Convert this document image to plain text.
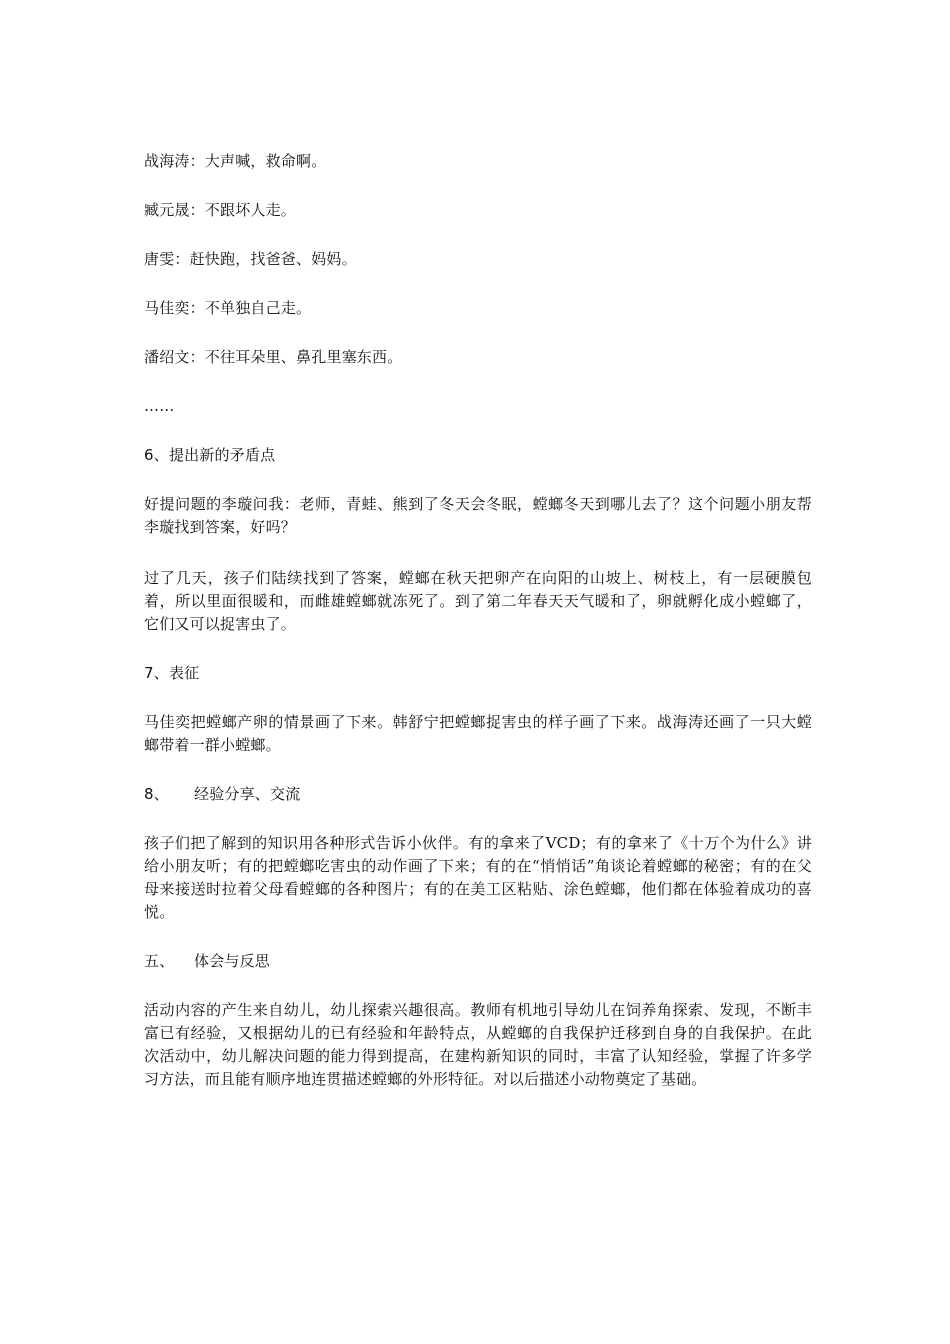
战海涛：大声喊，救命啊。

臧元晟：不跟坏人走。

唐雯：赶快跑，找爸爸、妈妈。

马佳奕：不单独自己走。

潘绍文：不往耳朵里、鼻孔里塞东西。

……

6、提出新的矛盾点

好提问题的李璇问我：老师，青蛙、熊到了冬天会冬眠，螳螂冬天到哪儿去了？这个问题小朋友帮李璇找到答案，好吗？

过了几天，孩子们陆续找到了答案，螳螂在秋天把卵产在向阳的山坡上、树枝上，有一层硬膜包着，所以里面很暖和，而雌雄螳螂就冻死了。到了第二年春天天气暖和了，卵就孵化成小螳螂了，它们又可以捉害虫了。

7、表征

马佳奕把螳螂产卵的情景画了下来。韩舒宁把螳螂捉害虫的样子画了下来。战海涛还画了一只大螳螂带着一群小螳螂。

8、 经验分享、交流

孩子们把了解到的知识用各种形式告诉小伙伴。有的拿来了VCD；有的拿来了《十万个为什么》讲给小朋友听；有的把螳螂吃害虫的动作画了下来；有的在“悄悄话”角谈论着螳螂的秘密；有的在父母来接送时拉着父母看螳螂的各种图片；有的在美工区粘贴、涂色螳螂，他们都在体验着成功的喜悦。

五、 体会与反思

活动内容的产生来自幼儿，幼儿探索兴趣很高。教师有机地引导幼儿在饲养角探索、发现，不断丰富已有经验，又根据幼儿的已有经验和年龄特点，从螳螂的自我保护迁移到自身的自我保护。在此次活动中，幼儿解决问题的能力得到提高，在建构新知识的同时，丰富了认知经验，掌握了许多学习方法，而且能有顺序地连贯描述螳螂的外形特征。对以后描述小动物奠定了基础。
